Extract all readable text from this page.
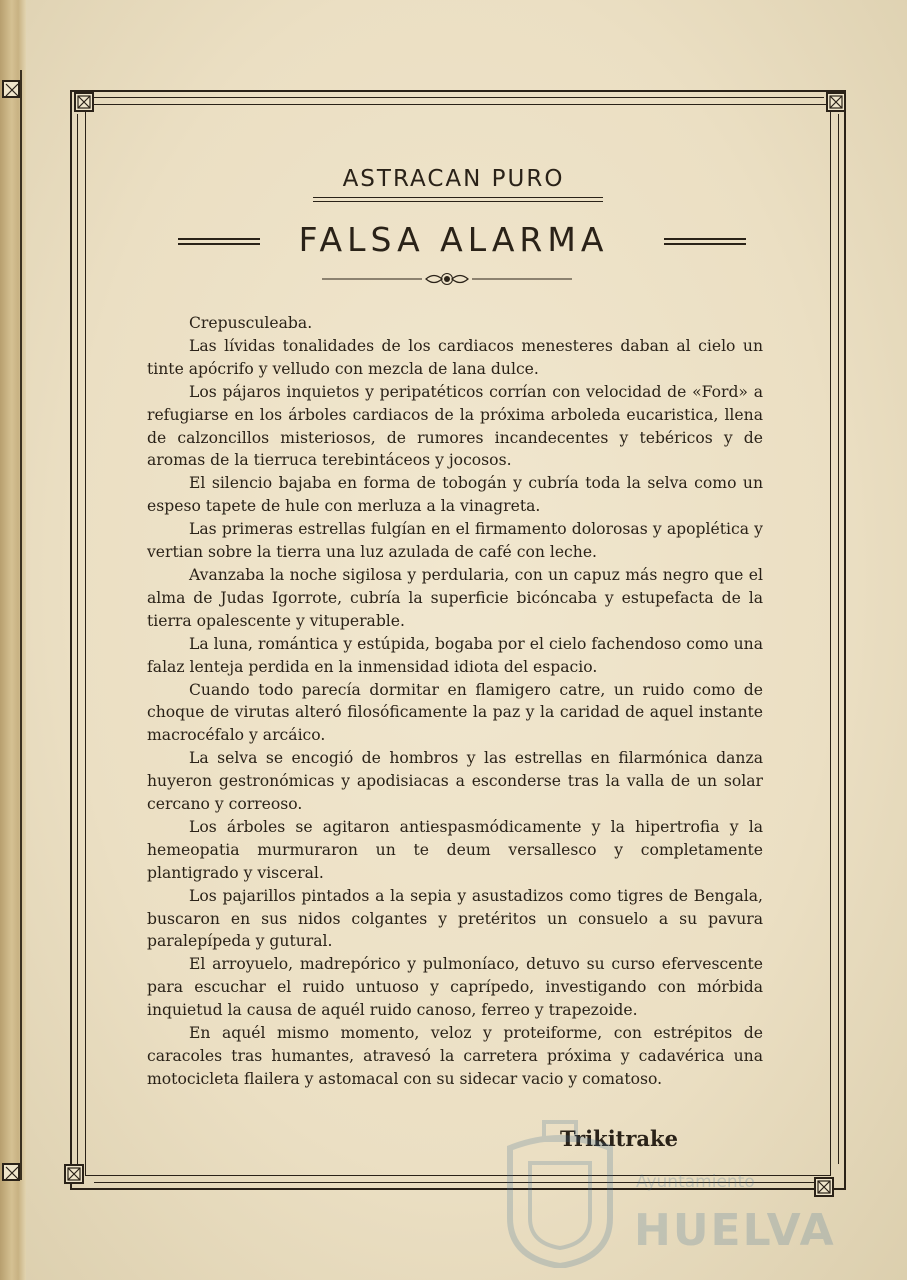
ASTRACAN PURO
FALSA ALARMA

Crepusculeaba.

Las lívidas tonalidades de los cardiacos menesteres daban al cielo un tinte apócrifo y velludo con mezcla de lana dulce.

Los pájaros inquietos y peripatéticos corrían con velocidad de «Ford» a refugiarse en los árboles cardiacos de la próxima arboleda eucaristica, llena de calzoncillos misteriosos, de rumores incandecentes y tebéricos y de aromas de la tierruca terebintáceos y jocosos.

El silencio bajaba en forma de tobogán y cubría toda la selva como un espeso tapete de hule con merluza a la vinagreta.

Las primeras estrellas fulgían en el firmamento dolorosas y apoplética y vertian sobre la tierra una luz azulada de café con leche.

Avanzaba la noche sigilosa y perdularia, con un capuz más negro que el alma de Judas Igorrote, cubría la superficie bicóncaba y estupefacta de la tierra opalescente y vituperable.

La luna, romántica y estúpida, bogaba por el cielo fachendoso como una falaz lenteja perdida en la inmensidad idiota del espacio.

Cuando todo parecía dormitar en flamigero catre, un ruido como de choque de virutas alteró filosóficamente la paz y la caridad de aquel instante macrocéfalo y arcáico.

La selva se encogió de hombros y las estrellas en filarmónica danza huyeron gestronómicas y apodisiacas a esconderse tras la valla de un solar cercano y correoso.

Los árboles se agitaron antiespasmódicamente y la hipertrofia y la hemeopatia murmuraron un te deum versallesco y completamente plantigrado y visceral.

Los pajarillos pintados a la sepia y asustadizos como tigres de Bengala, buscaron en sus nidos colgantes y pretéritos un consuelo a su pavura paralepípeda y gutural.

El arroyuelo, madrepórico y pulmoníaco, detuvo su curso efervescente para escuchar el ruido untuoso y caprípedo, investigando con mórbida inquietud la causa de aquél ruido canoso, ferreo y trapezoide.

En aquél mismo momento, veloz y proteiforme, con estrépitos de caracoles tras humantes, atravesó la carretera próxima y cadavérica una motocicleta flailera y astomacal con su sidecar vacio y comatoso.

Trikitrake
Ayuntamiento
HUELVA
